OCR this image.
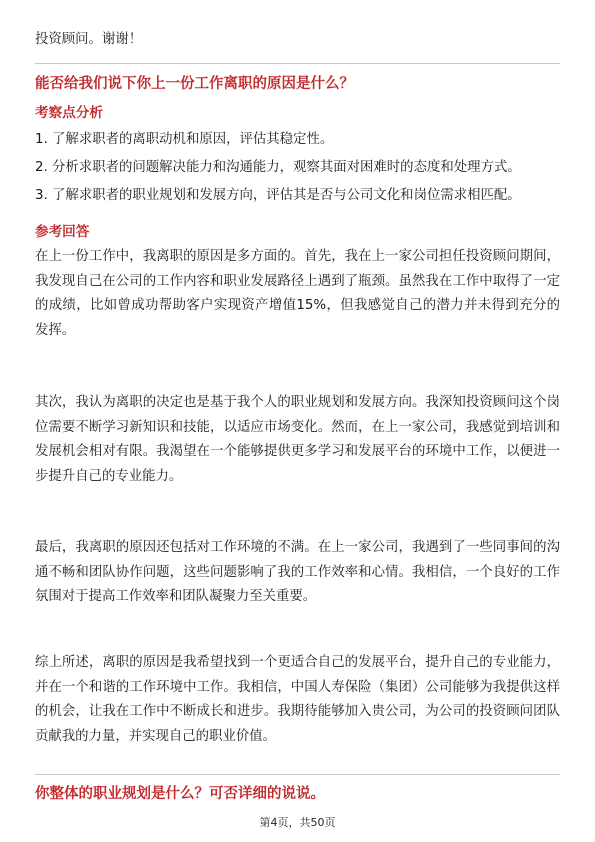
投资顾问。谢谢！

能否给我们说下你上一份工作离职的原因是什么？
考察点分析
1. 了解求职者的离职动机和原因，评估其稳定性。
2. 分析求职者的问题解决能力和沟通能力，观察其面对困难时的态度和处理方式。
3. 了解求职者的职业规划和发展方向，评估其是否与公司文化和岗位需求相匹配。
参考回答

在上一份工作中，我离职的原因是多方面的。首先，我在上一家公司担任投资顾问期间，我发现自己在公司的工作内容和职业发展路径上遇到了瓶颈。虽然我在工作中取得了一定的成绩，比如曾成功帮助客户实现资产增值15%，但我感觉自己的潜力并未得到充分的发挥。

其次，我认为离职的决定也是基于我个人的职业规划和发展方向。我深知投资顾问这个岗位需要不断学习新知识和技能，以适应市场变化。然而，在上一家公司，我感觉到培训和发展机会相对有限。我渴望在一个能够提供更多学习和发展平台的环境中工作，以便进一步提升自己的专业能力。

最后，我离职的原因还包括对工作环境的不满。在上一家公司，我遇到了一些同事间的沟通不畅和团队协作问题，这些问题影响了我的工作效率和心情。我相信，一个良好的工作氛围对于提高工作效率和团队凝聚力至关重要。

综上所述，离职的原因是我希望找到一个更适合自己的发展平台，提升自己的专业能力，并在一个和谐的工作环境中工作。我相信，中国人寿保险（集团）公司能够为我提供这样的机会，让我在工作中不断成长和进步。我期待能够加入贵公司，为公司的投资顾问团队贡献我的力量，并实现自己的职业价值。

你整体的职业规划是什么？可否详细的说说。
第4页，共50页
